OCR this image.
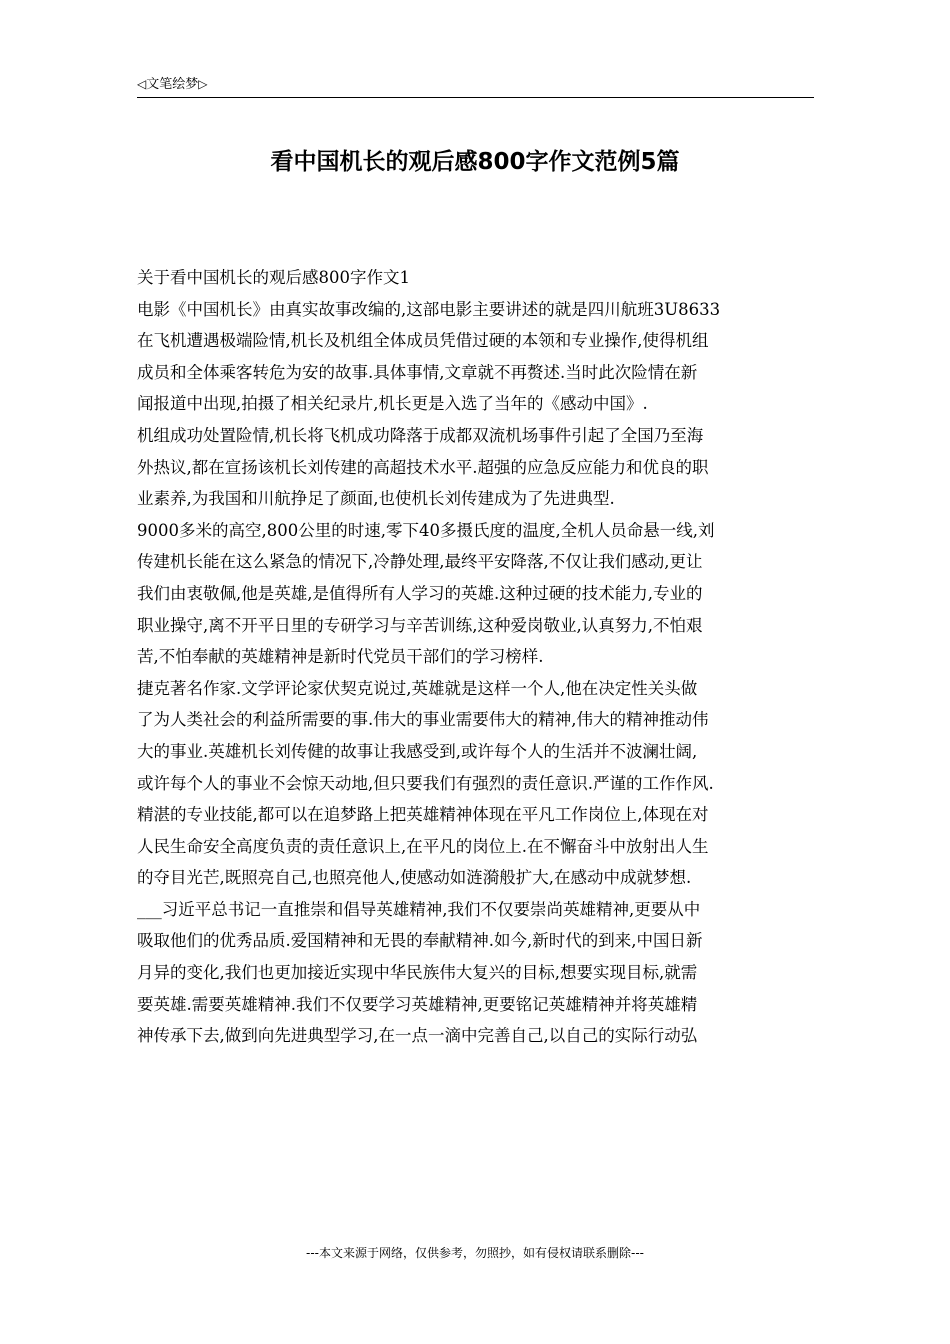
◁文笔绘梦▷
看中国机长的观后感800字作文范例5篇
关于看中国机长的观后感800字作文1
电影《中国机长》由真实故事改编的,这部电影主要讲述的就是四川航班3U8633
在飞机遭遇极端险情,机长及机组全体成员凭借过硬的本领和专业操作,使得机组
成员和全体乘客转危为安的故事.具体事情,文章就不再赘述.当时此次险情在新
闻报道中出现,拍摄了相关纪录片,机长更是入选了当年的《感动中国》.
机组成功处置险情,机长将飞机成功降落于成都双流机场事件引起了全国乃至海
外热议,都在宣扬该机长刘传建的高超技术水平.超强的应急反应能力和优良的职
业素养,为我国和川航挣足了颜面,也使机长刘传建成为了先进典型.
9000多米的高空,800公里的时速,零下40多摄氏度的温度,全机人员命悬一线,刘
传建机长能在这么紧急的情况下,冷静处理,最终平安降落,不仅让我们感动,更让
我们由衷敬佩,他是英雄,是值得所有人学习的英雄.这种过硬的技术能力,专业的
职业操守,离不开平日里的专研学习与辛苦训练,这种爱岗敬业,认真努力,不怕艰
苦,不怕奉献的英雄精神是新时代党员干部们的学习榜样.
捷克著名作家.文学评论家伏契克说过,英雄就是这样一个人,他在决定性关头做
了为人类社会的利益所需要的事.伟大的事业需要伟大的精神,伟大的精神推动伟
大的事业.英雄机长刘传健的故事让我感受到,或许每个人的生活并不波澜壮阔,
或许每个人的事业不会惊天动地,但只要我们有强烈的责任意识.严谨的工作作风.
精湛的专业技能,都可以在追梦路上把英雄精神体现在平凡工作岗位上,体现在对
人民生命安全高度负责的责任意识上,在平凡的岗位上.在不懈奋斗中放射出人生
的夺目光芒,既照亮自己,也照亮他人,使感动如涟漪般扩大,在感动中成就梦想.
___习近平总书记一直推崇和倡导英雄精神,我们不仅要崇尚英雄精神,更要从中
吸取他们的优秀品质.爱国精神和无畏的奉献精神.如今,新时代的到来,中国日新
月异的变化,我们也更加接近实现中华民族伟大复兴的目标,想要实现目标,就需
要英雄.需要英雄精神.我们不仅要学习英雄精神,更要铭记英雄精神并将英雄精
神传承下去,做到向先进典型学习,在一点一滴中完善自己,以自己的实际行动弘
---本文来源于网络，仅供参考，勿照抄，如有侵权请联系删除---
